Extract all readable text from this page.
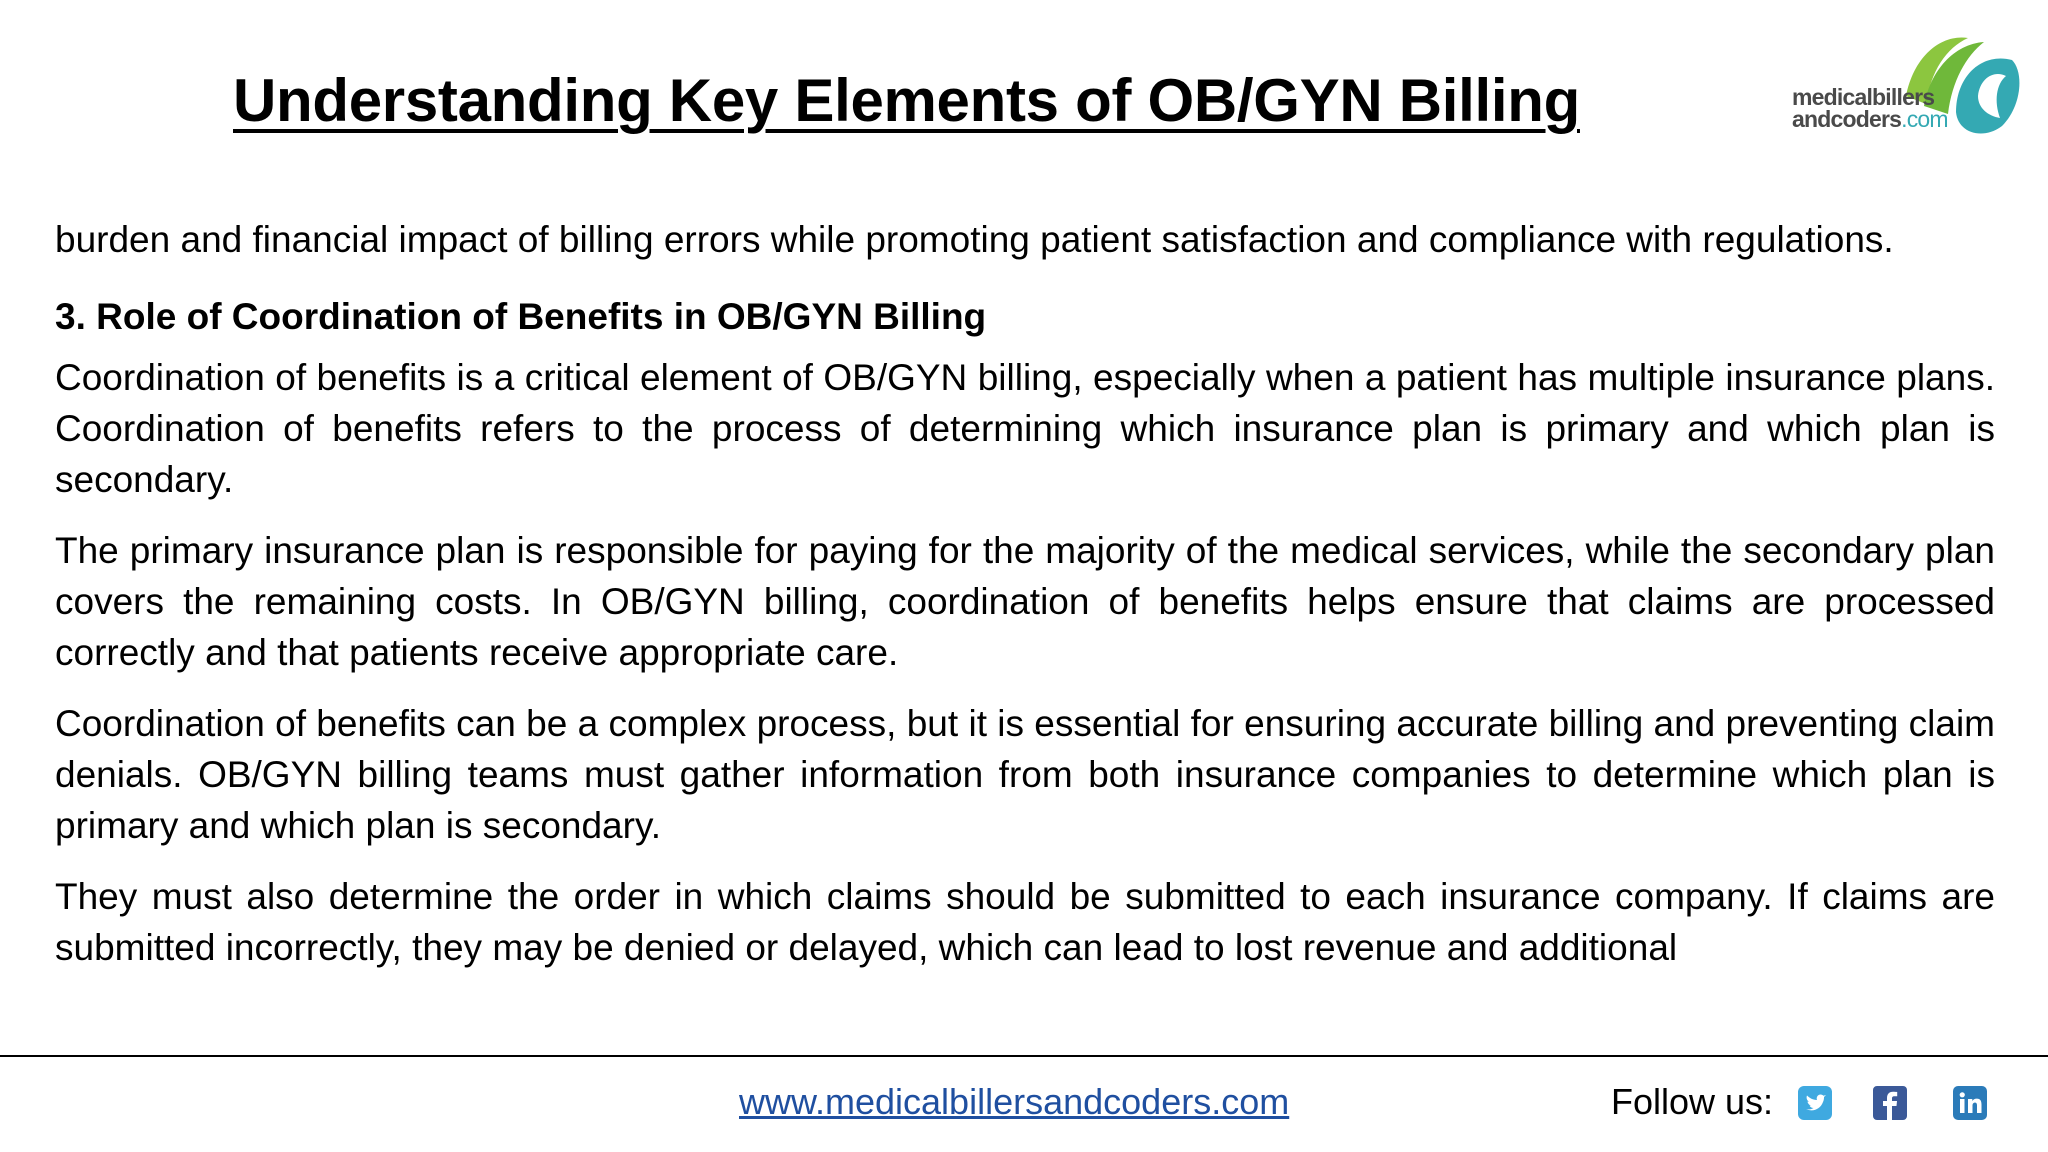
Understanding Key Elements of OB/GYN Billing	medicalbillers
andcoders.com

burden and financial impact of billing errors while promoting patient satisfaction and compliance with regulations.

3. Role of Coordination of Benefits in OB/GYN Billing

Coordination of benefits is a critical element of OB/GYN billing, especially when a patient has multiple insurance plans. Coordination of benefits refers to the process of determining which insurance plan is primary and which plan is secondary.

The primary insurance plan is responsible for paying for the majority of the medical services, while the secondary plan covers the remaining costs. In OB/GYN billing, coordination of benefits helps ensure that claims are processed correctly and that patients receive appropriate care.

Coordination of benefits can be a complex process, but it is essential for ensuring accurate billing and preventing claim denials. OB/GYN billing teams must gather information from both insurance companies to determine which plan is primary and which plan is secondary.

They must also determine the order in which claims should be submitted to each insurance company. If claims are submitted incorrectly, they may be denied or delayed, which can lead to lost revenue and additional

www.medicalbillersandcoders.com	Follow us:
